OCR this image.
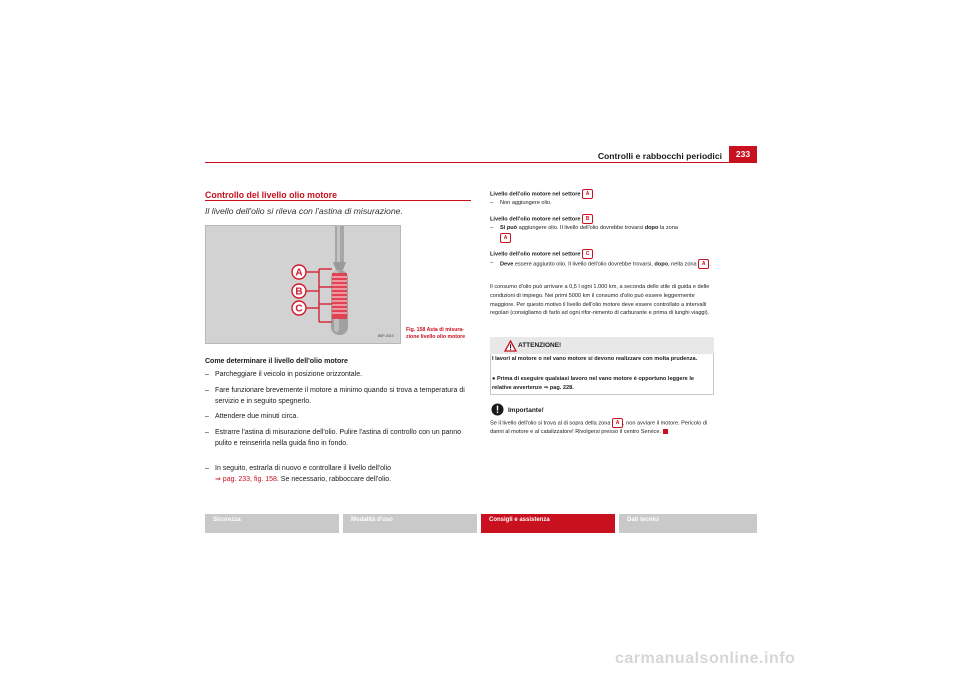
Controlli e rabbocchi periodici	233
Controllo del livello olio motore
Il livello dell'olio si rileva con l'astina di misurazione.
A
B
C
B5P-0019
Fig. 158 Asta di misura-zione livello olio motore
Come determinare il livello dell'olio motore
– Parcheggiare il veicolo in posizione orizzontale.
– Fare funzionare brevemente il motore a minimo quando si trova a temperatura di servizio e in seguito spegnerlo.
– Attendere due minuti circa.
– Estrarre l'astina di misurazione dell'olio. Pulire l'astina di controllo con un panno pulito e reinserirla nella guida fino in fondo.
– In seguito, estrarla di nuovo e controllare il livello dell'olio
⇒ pag. 233, fig. 158. Se necessario, rabboccare dell'olio.
Livello dell'olio motore nel settore A
– Non aggiungere olio.
Livello dell'olio motore nel settore B
– Si può aggiungere olio. Il livello dell'olio dovrebbe trovarsi dopo la zona
A
Livello dell'olio motore nel settore C
– Deve essere aggiunto olio. Il livello dell'olio dovrebbe trovarsi, dopo, nella zona A .
Il consumo d'olio può arrivare a 0,5 l ogni 1.000 km, a seconda dello stile di guida e delle condizioni di impiego. Nei primi 5000 km il consumo d'olio può essere leggermente maggiore. Per questo motivo il livello dell'olio motore deve essere controllato a intervalli regolari (consigliamo di farlo ad ogni rifor-nimento di carburante e prima di lunghi viaggi).
ATTENZIONE!
I lavori al motore o nel vano motore si devono realizzare con molta prudenza.
● Prima di eseguire qualsiasi lavoro nel vano motore è opportuno leggere le relative avvertenze ⇒ pag. 228.
Importante!
Se il livello dell'olio si trova al di sopra della zona A , non avviare il motore. Pericolo di danni al motore e al catalizzatore! Rivolgersi presso il centro Service.
Sicurezza	Modalità d'uso	Consigli e assistenza	Dati tecnici
carmanualsonline.info
